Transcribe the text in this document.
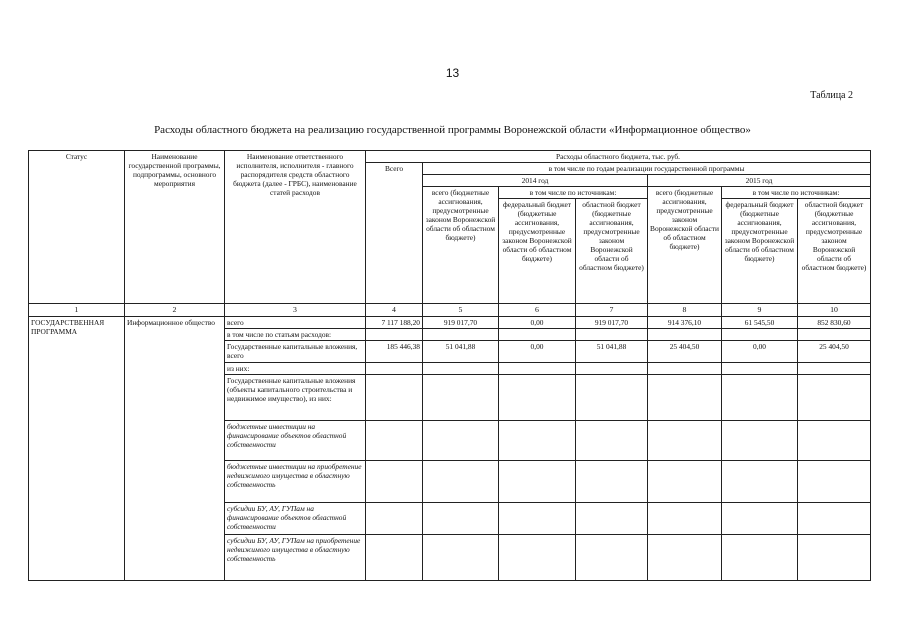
13
Таблица 2
Расходы областного бюджета на реализацию государственной программы Воронежской области «Информационное общество»
Статус	Наименование государственной программы, подпрограммы, основного мероприятия	Наименование ответственного исполнителя, исполнителя - главного распорядителя средств областного бюджета (далее - ГРБС), наименование статей расходов	Расходы областного бюджета, тыс. руб.						
			Всего	в том числе по годам реализации государственной программы					
				2014 год			2015 год		
				всего (бюджетные ассигнования, предусмотренные законом Воронежской области об областном бюджете)	в том числе по источникам:		всего (бюджетные ассигнования, предусмотренные законом Воронежской области об областном бюджете)	в том числе по источникам:	
					федеральный бюджет (бюджетные ассигнования, предусмотренные законом Воронежской области об областном бюджете)	областной бюджет (бюджетные ассигнования, предусмотренные законом Воронежской области об областном бюджете)		федеральный бюджет (бюджетные ассигнования, предусмотренные законом Воронежской области об областном бюджете)	областной бюджет (бюджетные ассигнования, предусмотренные законом Воронежской области об областном бюджете)
1	2	3	4	5	6	7	8	9	10
ГОСУДАРСТВЕННАЯ ПРОГРАММА	Информационное общество	всего	7 117 188,20	919 017,70	0,00	919 017,70	914 376,10	61 545,50	852 830,60
		в том числе по статьям расходов:							
		Государственные капитальные вложения, всего	185 446,38	51 041,88	0,00	51 041,88	25 404,50	0,00	25 404,50
		из них:							
		Государственные капитальные вложения (объекты капитального строительства и недвижимое имущество), из них:							
		бюджетные инвестиции на финансирование объектов областной собственности							
		бюджетные инвестиции на приобретение недвижимого имущества в областную собственность							
		субсидии БУ, АУ, ГУПам на финансирование объектов областной собственности							
		субсидии БУ, АУ, ГУПам на приобретение недвижимого имущества в областную собственность							
